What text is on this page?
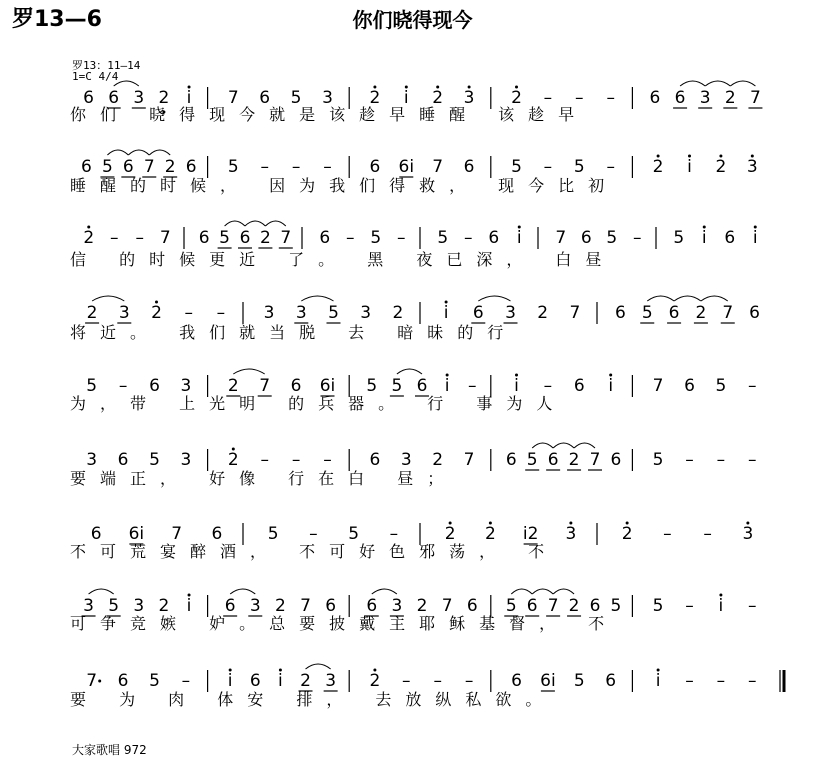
罗13—6	你们晓得现今
罗13：11—14
1=C 4/4
6 6 3 2 i 7 6 5 3 2 i 2 3 2 – – – 6 6 3 2 7
6 5 6 7 2 6 5 – – – 6 6i 7 6 5 – 5 – 2 i 2 3
2 – – 7 6 5 6 2 7 6 – 5 – 5 – 6 i 7 6 5 – 5 i 6 i
2 3 2 – – 3 3 5 3 2 i 6 3 2 7 6 5 6 2 7 6
5 – 6 3 2 7 6 6i 5 5 6 i – i – 6 i 7 6 5 –
3 6 5 3 2 – – – 6 3 2 7 6 5 6 2 7 6 5 – – –
6 6i 7 6	5 – 5 –	2 2 i2 3	2 – – 3
3 5 3 2 i 6 3 2 7 6 6 3 2 7 6 5 6 7 2 6 5 5 – i –
7 6 5 – i 6 i 2 3 2 – – – 6 6i 5 6 i – – –
你们 晓得现今就是该趁早睡醒 该趁早
睡醒的时候， 因为我们得救， 现今比初
信 的时候更近 了。 黑 夜已深， 白昼
将近。 我们就当脱 去 暗昧的行
为，带 上光明 的兵器。 行 事为人
要端正， 好像 行在白 昼；
不可荒宴醉酒， 不可好色邪荡， 不
可争竞嫉 妒。总要披戴主耶稣基督， 不
要 为 肉 体安 排， 去放纵私欲。
大家歌唱 972
